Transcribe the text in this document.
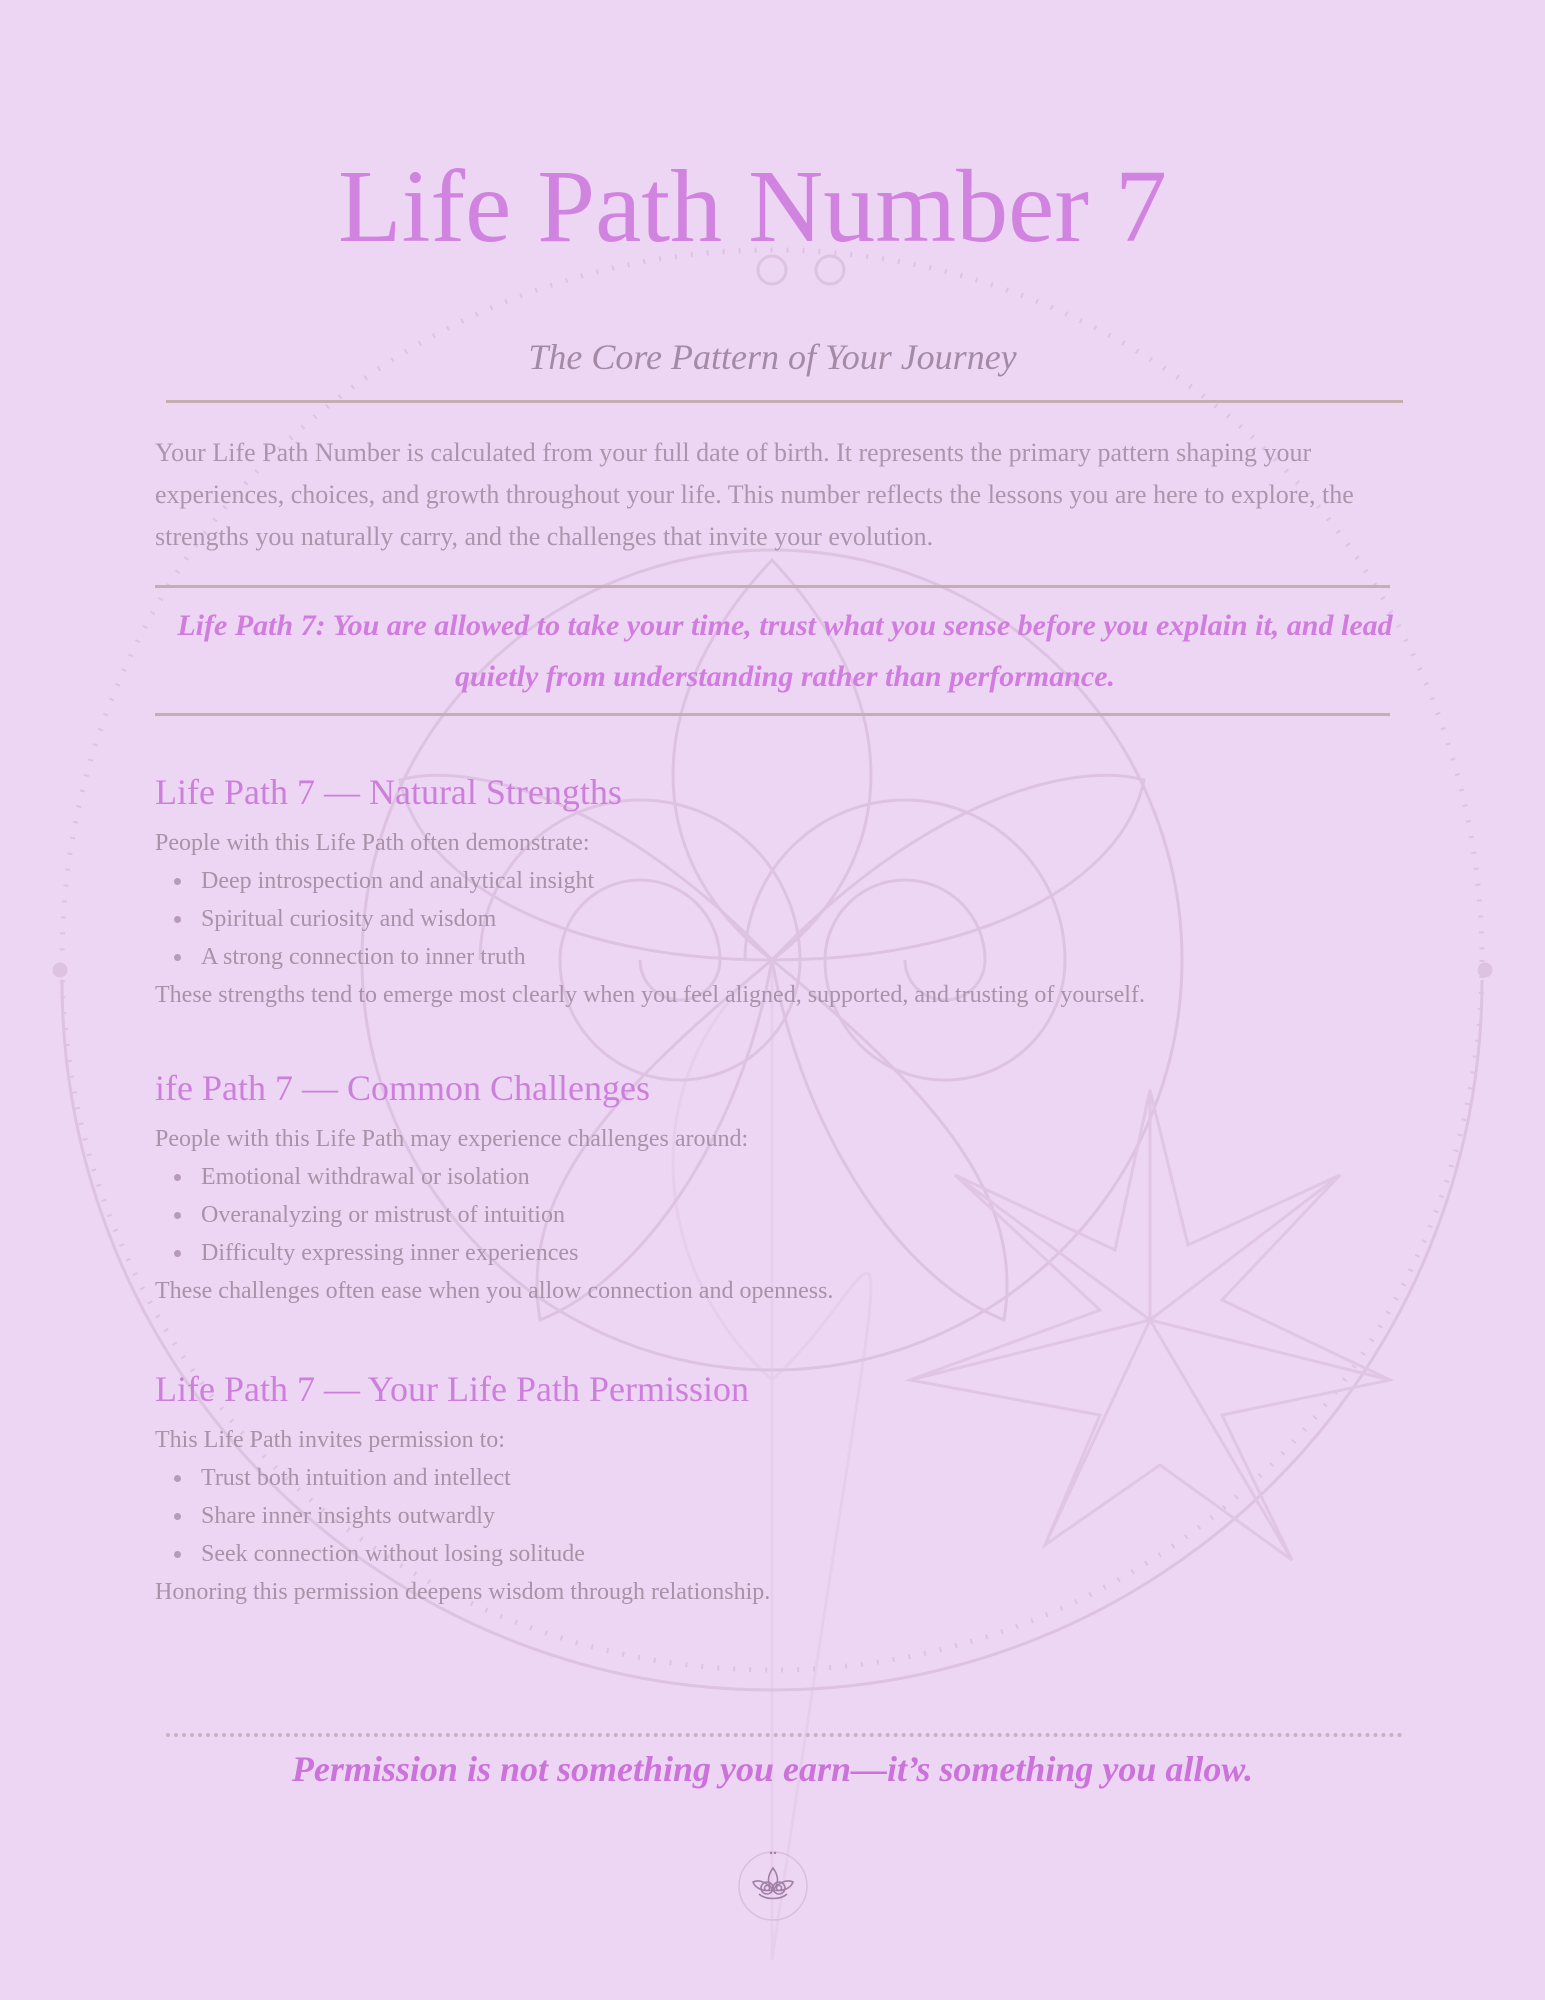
Life Path Number 7

The Core Pattern of Your Journey

Your Life Path Number is calculated from your full date of birth. It represents the primary pattern shaping your experiences, choices, and growth throughout your life. This number reflects the lessons you are here to explore, the strengths you naturally carry, and the challenges that invite your evolution.

Life Path 7: You are allowed to take your time, trust what you sense before you explain it, and lead quietly from understanding rather than performance.

Life Path 7 — Natural Strengths

People with this Life Path often demonstrate:

Deep introspection and analytical insight
Spiritual curiosity and wisdom
A strong connection to inner truth

These strengths tend to emerge most clearly when you feel aligned, supported, and trusting of yourself.

ife Path 7 — Common Challenges

People with this Life Path may experience challenges around:

Emotional withdrawal or isolation
Overanalyzing or mistrust of intuition
Difficulty expressing inner experiences

These challenges often ease when you allow connection and openness.

Life Path 7 — Your Life Path Permission

This Life Path invites permission to:

Trust both intuition and intellect
Share inner insights outwardly
Seek connection without losing solitude

Honoring this permission deepens wisdom through relationship.

Permission is not something you earn—it’s something you allow.
